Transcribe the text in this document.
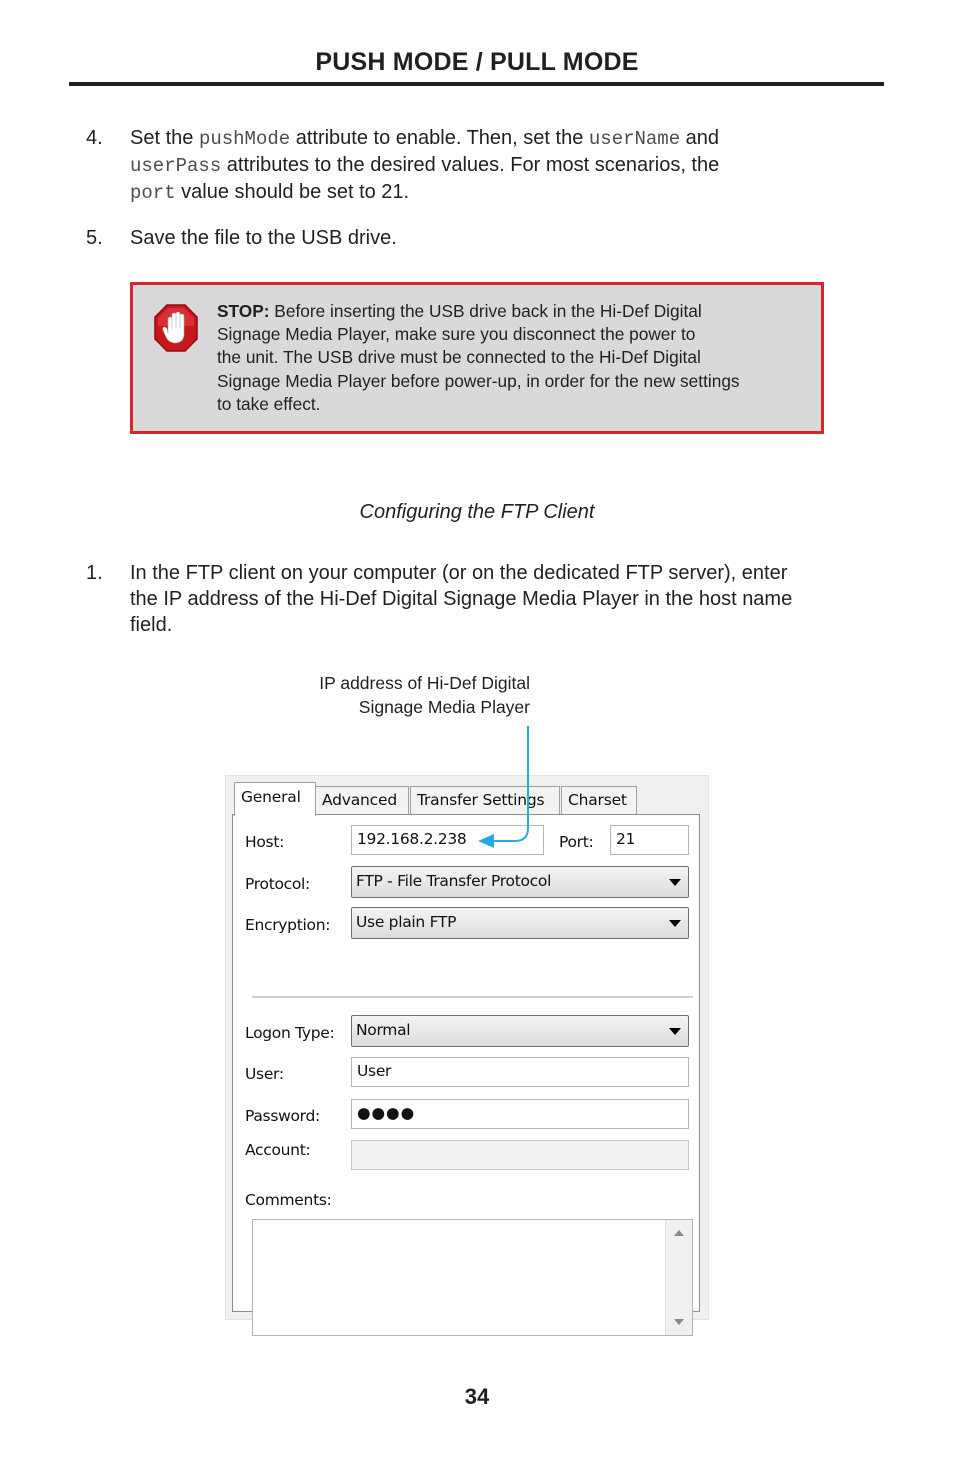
PUSH MODE / PULL MODE
4. Set the pushMode attribute to enable. Then, set the userName and
userPass attributes to the desired values. For most scenarios, the
port value should be set to 21.
5. Save the file to the USB drive.
STOP: Before inserting the USB drive back in the Hi-Def Digital
Signage Media Player, make sure you disconnect the power to
the unit. The USB drive must be connected to the Hi-Def Digital
Signage Media Player before power-up, in order for the new settings
to take effect.
Configuring the FTP Client
1. In the FTP client on your computer (or on the dedicated FTP server), enter
the IP address of the Hi-Def Digital Signage Media Player in the host name
field.
IP address of Hi-Def Digital
Signage Media Player
General	Advanced	Transfer Settings	Charset
Host:	192.168.2.238	Port:	21
Protocol:	FTP - File Transfer Protocol
Encryption:	Use plain FTP
Logon Type:	Normal
User:	User
Password:	●●●●
Account:
Comments:
34
